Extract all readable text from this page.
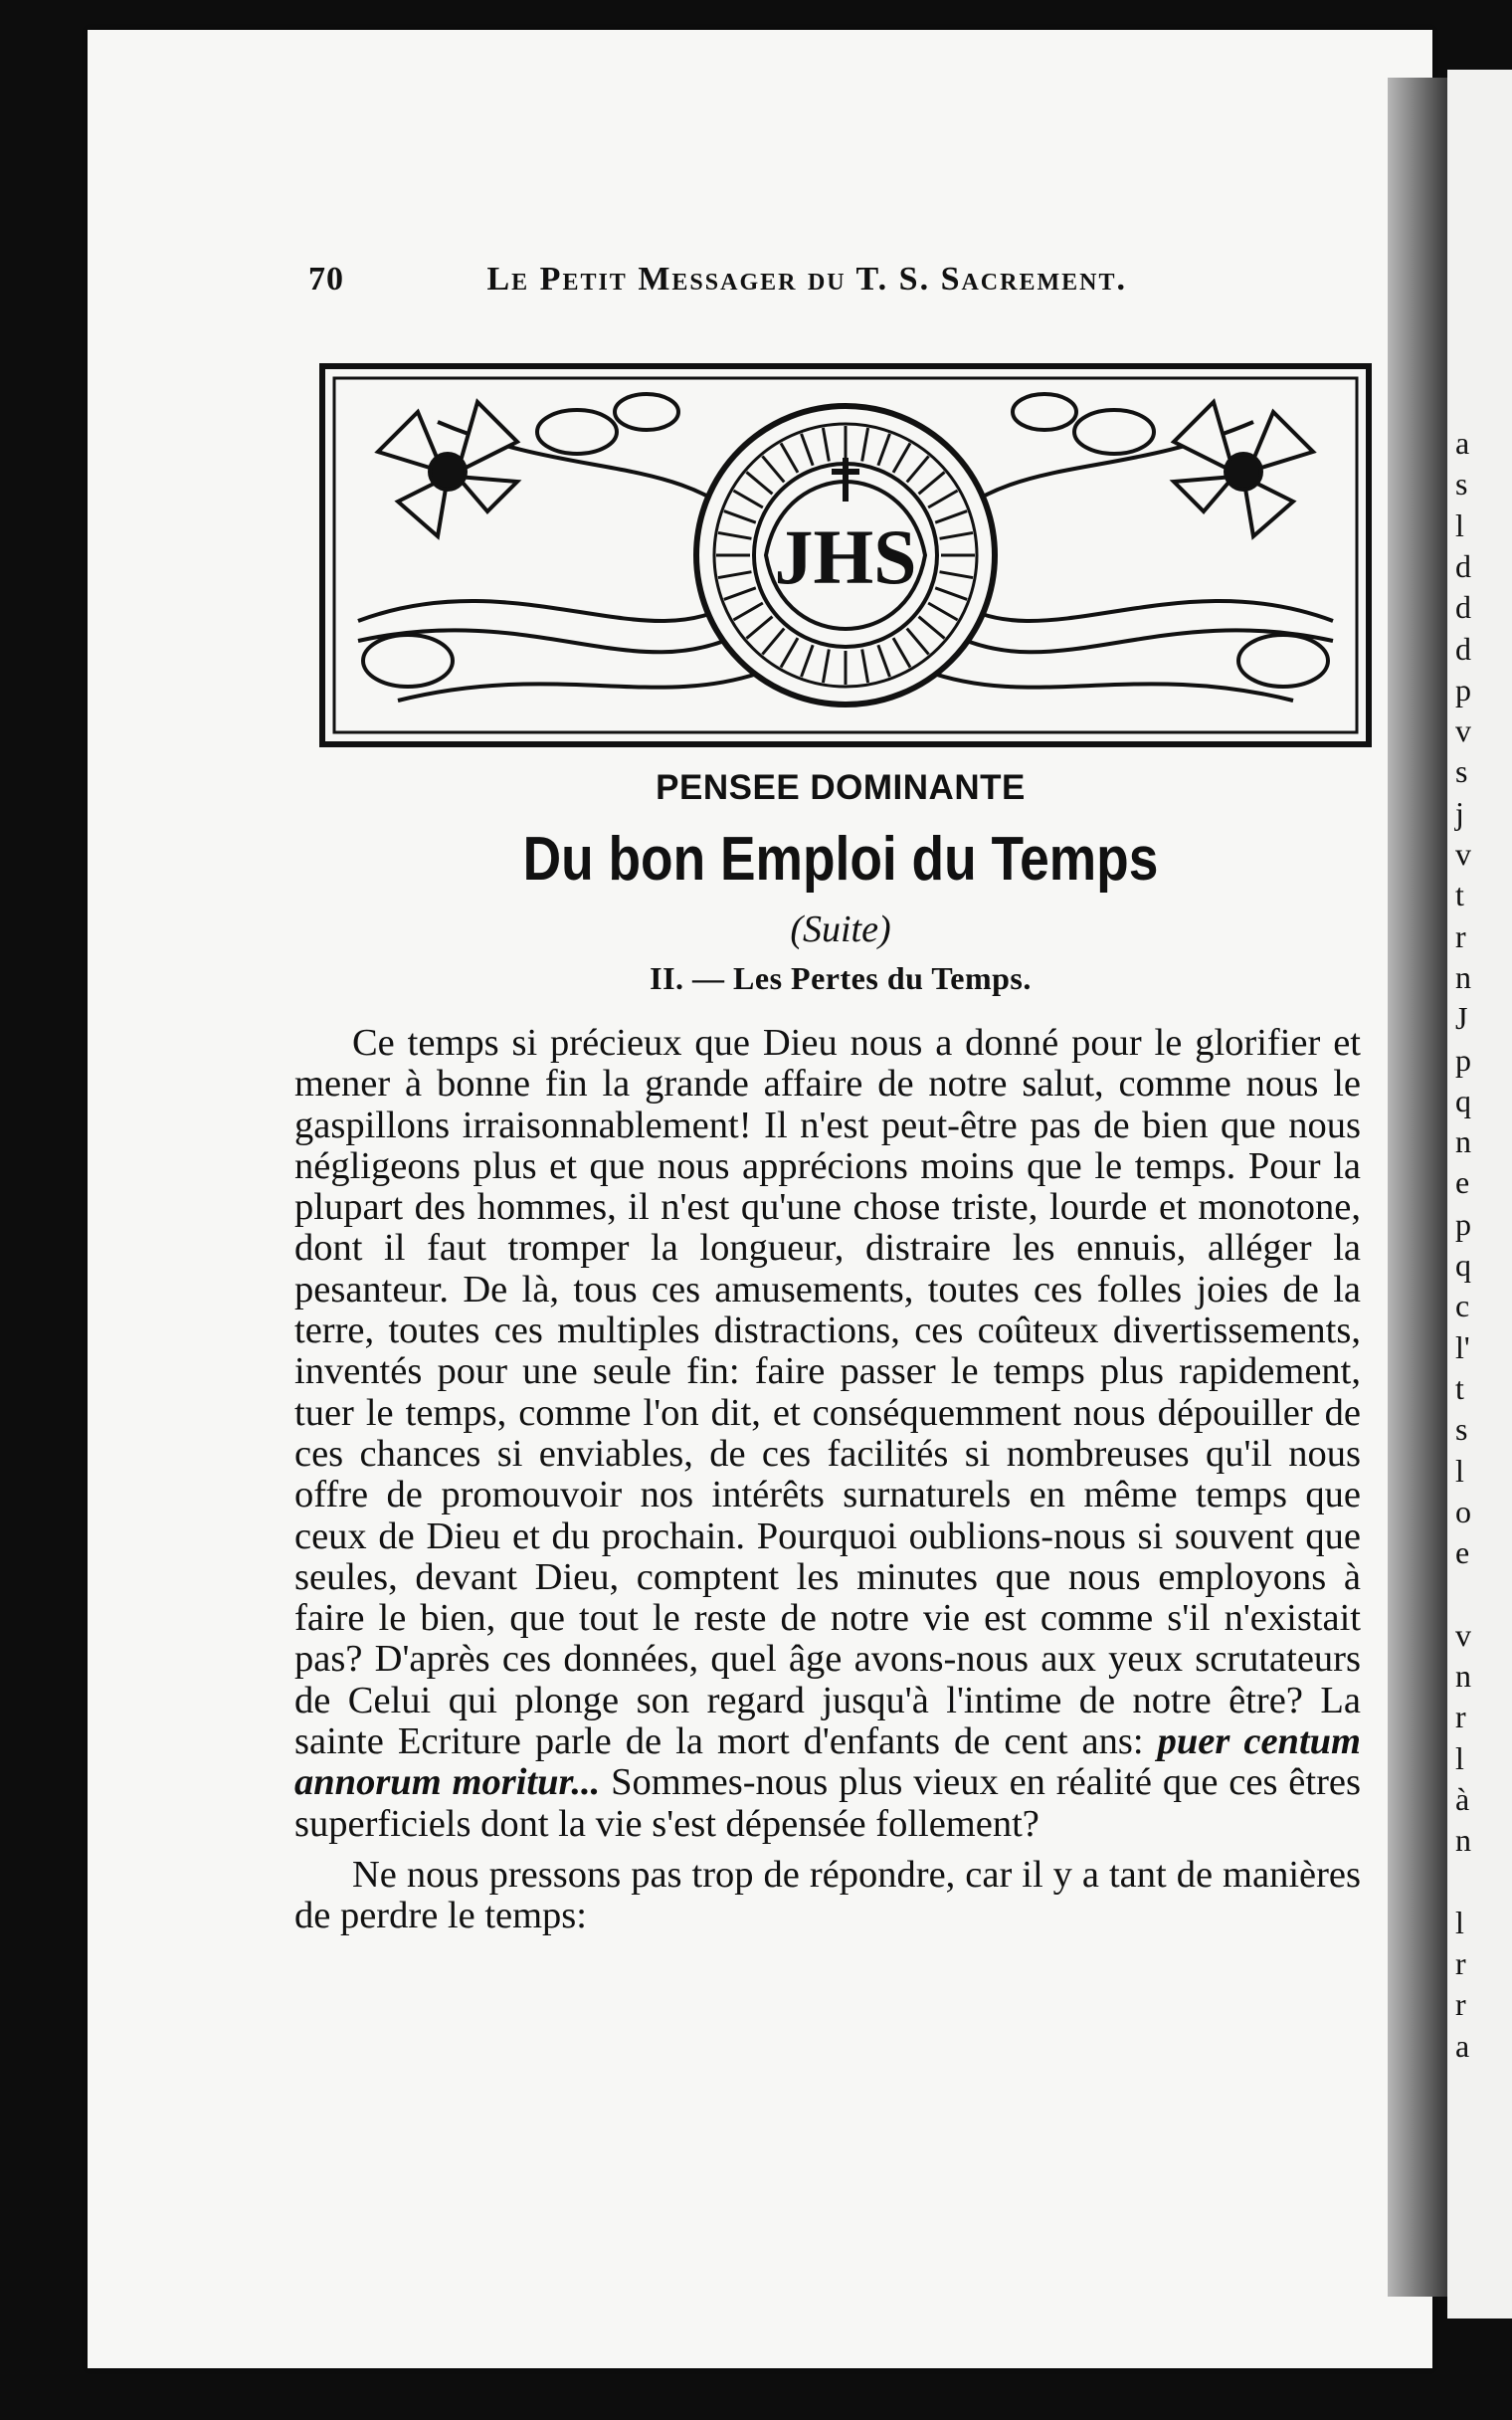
a
s
l
d
d
d
p
v
s
j
v
t
r
n
J
p
q
n
e
p
q
c
l'
t
s
l
o
e
v
n
r
l
à
n
l
r
r
a
70	Le Petit Messager du T. S. Sacrement.
JHS
PENSEE DOMINANTE
Du bon Emploi du Temps
(Suite)
II. — Les Pertes du Temps.

Ce temps si précieux que Dieu nous a donné pour le glorifier et mener à bonne fin la grande affaire de notre salut, comme nous le gaspillons irraisonnablement! Il n'est peut-être pas de bien que nous négligeons plus et que nous apprécions moins que le temps. Pour la plupart des hommes, il n'est qu'une chose triste, lourde et monotone, dont il faut tromper la longueur, distraire les ennuis, alléger la pesanteur. De là, tous ces amusements, toutes ces folles joies de la terre, toutes ces multiples distractions, ces coûteux divertissements, inventés pour une seule fin: faire passer le temps plus rapidement, tuer le temps, comme l'on dit, et conséquemment nous dépouiller de ces chances si enviables, de ces facilités si nombreuses qu'il nous offre de promouvoir nos intérêts surnaturels en même temps que ceux de Dieu et du prochain. Pourquoi oublions-nous si souvent que seules, devant Dieu, comptent les minutes que nous employons à faire le bien, que tout le reste de notre vie est comme s'il n'existait pas? D'après ces données, quel âge avons-nous aux yeux scrutateurs de Celui qui plonge son regard jusqu'à l'intime de notre être? La sainte Ecriture parle de la mort d'enfants de cent ans: puer centum annorum moritur... Sommes-nous plus vieux en réalité que ces êtres superficiels dont la vie s'est dépensée follement?

Ne nous pressons pas trop de répondre, car il y a tant de manières de perdre le temps:
